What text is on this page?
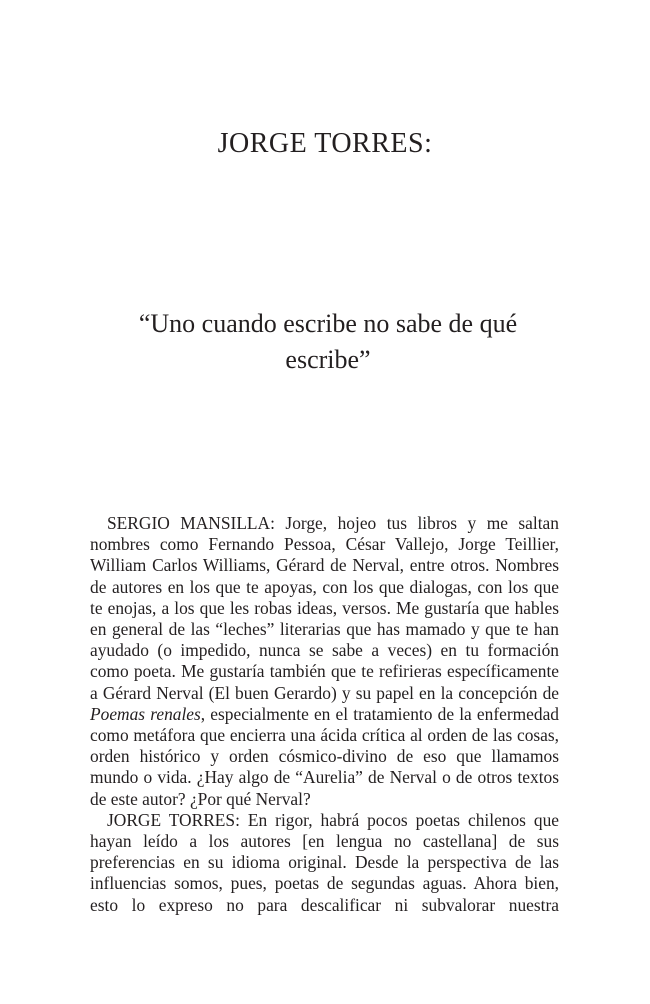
JORGE TORRES:
“Uno cuando escribe no sabe de qué escribe”

SERGIO MANSILLA: Jorge, hojeo tus libros y me saltan nombres como Fernando Pessoa, César Vallejo, Jorge Teillier, William Carlos Williams, Gérard de Nerval, entre otros. Nombres de autores en los que te apoyas, con los que dialogas, con los que te enojas, a los que les robas ideas, versos. Me gustaría que hables en general de las “leches” literarias que has mamado y que te han ayudado (o impedido, nunca se sabe a veces) en tu formación como poeta. Me gustaría también que te refirieras específicamente a Gérard Nerval (El buen Gerardo) y su papel en la concepción de Poemas renales, especialmente en el tratamiento de la enfermedad como metáfora que encierra una ácida crítica al orden de las cosas, orden histórico y orden cósmico-divino de eso que llamamos mundo o vida. ¿Hay algo de “Aurelia” de Nerval o de otros textos de este autor? ¿Por qué Nerval?

JORGE TORRES: En rigor, habrá pocos poetas chilenos que hayan leído a los autores [en lengua no castellana] de sus preferencias en su idioma original. Desde la perspectiva de las influencias somos, pues, poetas de segundas aguas. Ahora bien, esto lo expreso no para descalificar ni subvalorar nuestra
